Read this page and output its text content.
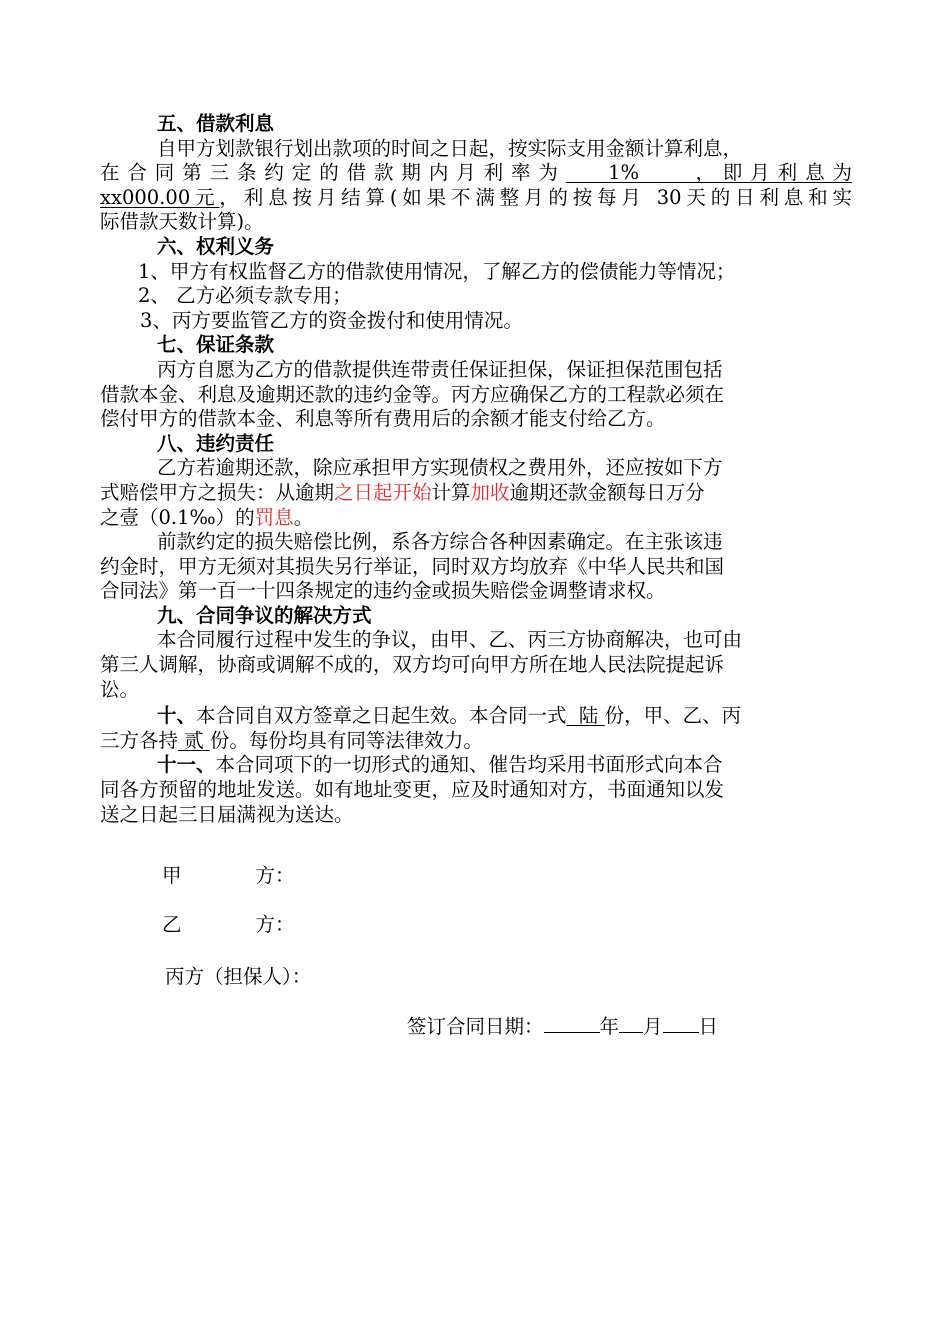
五、借款利息
自甲方划款银行划出款项的时间之日起，按实际支用金额计算利息，
在合同第三条约定的借款期内月利率为   1%    ，即月利息为
xx000.00元，利息按月结算(如果不满整月的按每月 30天的日利息和实
际借款天数计算)。
六、权利义务
1、甲方有权监督乙方的借款使用情况，了解乙方的偿债能力等情况；
2、 乙方必须专款专用；
3、丙方要监管乙方的资金拨付和使用情况。
七、保证条款
丙方自愿为乙方的借款提供连带责任保证担保，保证担保范围包括
借款本金、利息及逾期还款的违约金等。丙方应确保乙方的工程款必须在
偿付甲方的借款本金、利息等所有费用后的余额才能支付给乙方。
八、违约责任
乙方若逾期还款，除应承担甲方实现债权之费用外，还应按如下方
式赔偿甲方之损失：从逾期之日起开始计算加收逾期还款金额每日万分
之壹（0.1‰）的罚息。
前款约定的损失赔偿比例，系各方综合各种因素确定。在主张该违
约金时，甲方无须对其损失另行举证，同时双方均放弃《中华人民共和国
合同法》第一百一十四条规定的违约金或损失赔偿金调整请求权。
九、合同争议的解决方式
本合同履行过程中发生的争议，由甲、乙、丙三方协商解决，也可由
第三人调解，协商或调解不成的，双方均可向甲方所在地人民法院提起诉
讼。
十、本合同自双方签章之日起生效。本合同一式  陆 份，甲、乙、丙
三方各持 贰 份。每份均具有同等法律效力。
十一、本合同项下的一切形式的通知、催告均采用书面形式向本合
同各方预留的地址发送。如有地址变更，应及时通知对方，书面通知以发
送之日起三日届满视为送达。
甲	方：
乙	方：
丙方（担保人）：
签订合同日期：	年 月 日
